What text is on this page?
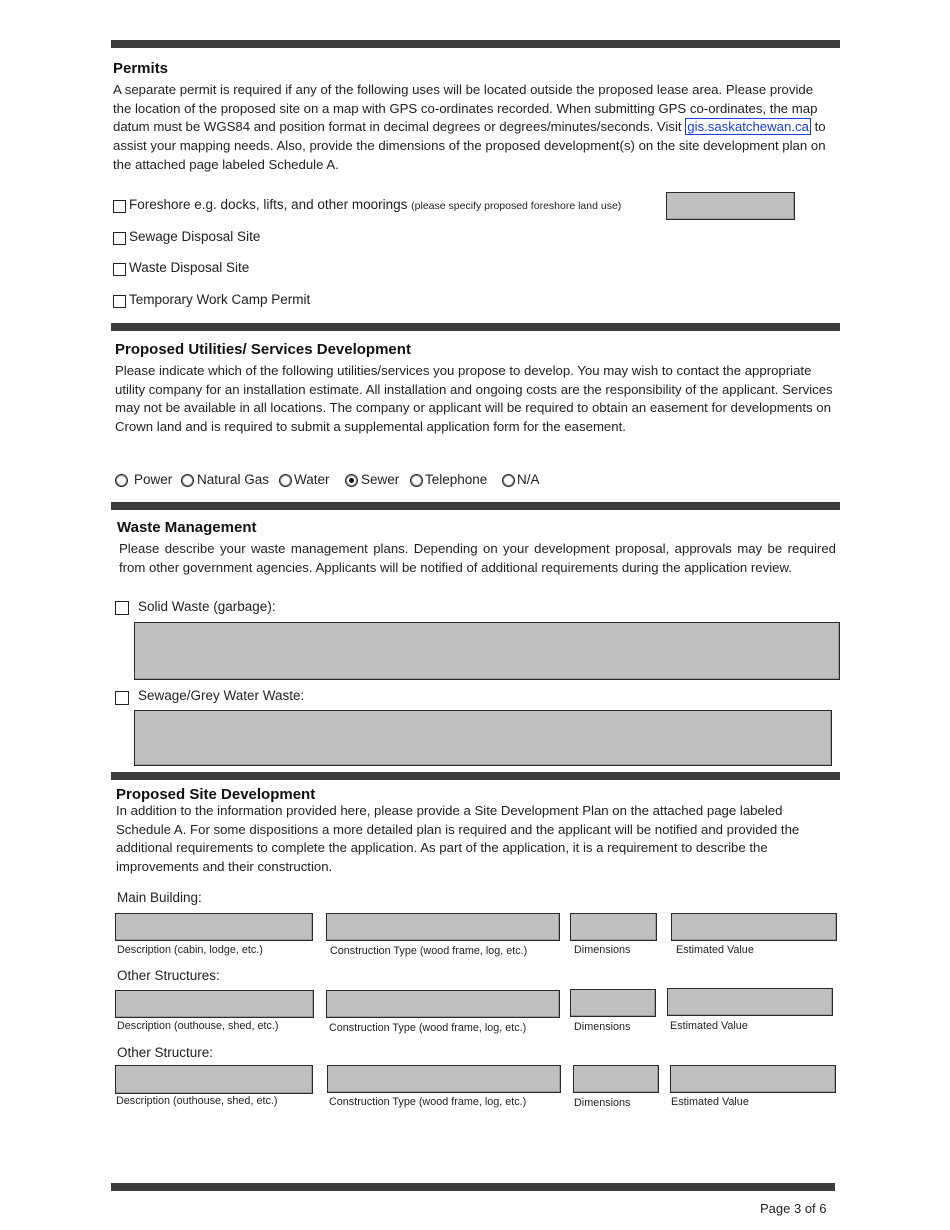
Permits
A separate permit is required if any of the following uses will be located outside the proposed lease area. Please provide the location of the proposed site on a map with GPS co-ordinates recorded. When submitting GPS co-ordinates, the map datum must be WGS84 and position format in decimal degrees or degrees/minutes/seconds. Visit gis.saskatchewan.ca to assist your mapping needs. Also, provide the dimensions of the proposed development(s) on the site development plan on the attached page labeled Schedule A.
Foreshore e.g. docks, lifts, and other moorings (please specify proposed foreshore land use)
Sewage Disposal Site
Waste Disposal Site
Temporary Work Camp Permit
Proposed Utilities/ Services Development
Please indicate which of the following utilities/services you propose to develop. You may wish to contact the appropriate utility company for an installation estimate. All installation and ongoing costs are the responsibility of the applicant. Services may not be available in all locations. The company or applicant will be required to obtain an easement for developments on Crown land and is required to submit a supplemental application form for the easement.
Power Natural Gas Water Sewer Telephone N/A
Waste Management
Please describe your waste management plans. Depending on your development proposal, approvals may be required from other government agencies. Applicants will be notified of additional requirements during the application review.
Solid Waste (garbage):
Sewage/Grey Water Waste:
Proposed Site Development
In addition to the information provided here, please provide a Site Development Plan on the attached page labeled Schedule A. For some dispositions a more detailed plan is required and the applicant will be notified and provided the additional requirements to complete the application. As part of the application, it is a requirement to describe the improvements and their construction.
Main Building:
Description (cabin, lodge, etc.)	Construction Type (wood frame, log, etc.)	Dimensions	Estimated Value
Other Structures:
Description (outhouse, shed, etc.)	Construction Type (wood frame, log, etc.)	Dimensions	Estimated Value
Other Structure:
Description (outhouse, shed, etc.)	Construction Type (wood frame, log, etc.)	Dimensions	Estimated Value
Page 3 of 6
